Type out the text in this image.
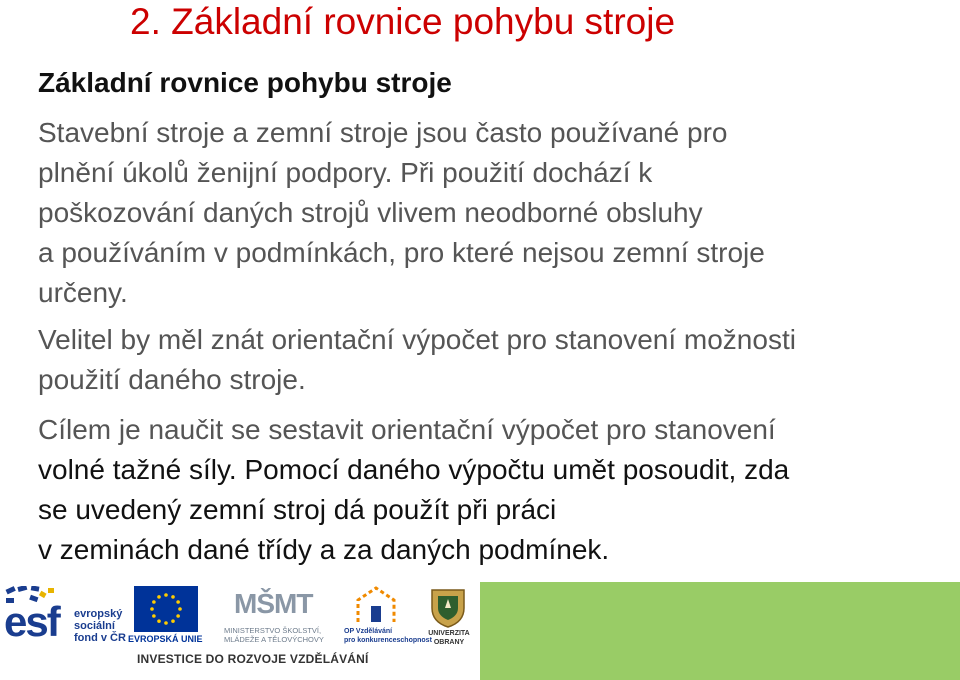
2. Základní rovnice pohybu stroje
Základní rovnice pohybu stroje

Stavební stroje a zemní stroje jsou často používané pro
plnění úkolů ženijní podpory. Při použití dochází k
poškozování daných strojů vlivem neodborné obsluhy
a používáním v podmínkách, pro které nejsou zemní stroje
určeny.

Velitel by měl znát orientační výpočet pro stanovení možnosti
použití daného stroje.

Cílem je naučit se sestavit orientační výpočet pro stanovení
volné tažné síly. Pomocí daného výpočtu umět posoudit, zda
se uvedený zemní stroj dá použít při práci
v zeminách dané třídy a za daných podmínek.

esf evropský
sociální
fond v ČR EVROPSKÁ UNIE
MŠMT
MINISTERSTVO ŠKOLSTVÍ,
MLÁDEŽE A TĚLOVÝCHOVY
OP Vzdělávání
pro konkurenceschopnost
UNIVERZITA
OBRANY
INVESTICE DO ROZVOJE VZDĚLÁVÁNÍ
